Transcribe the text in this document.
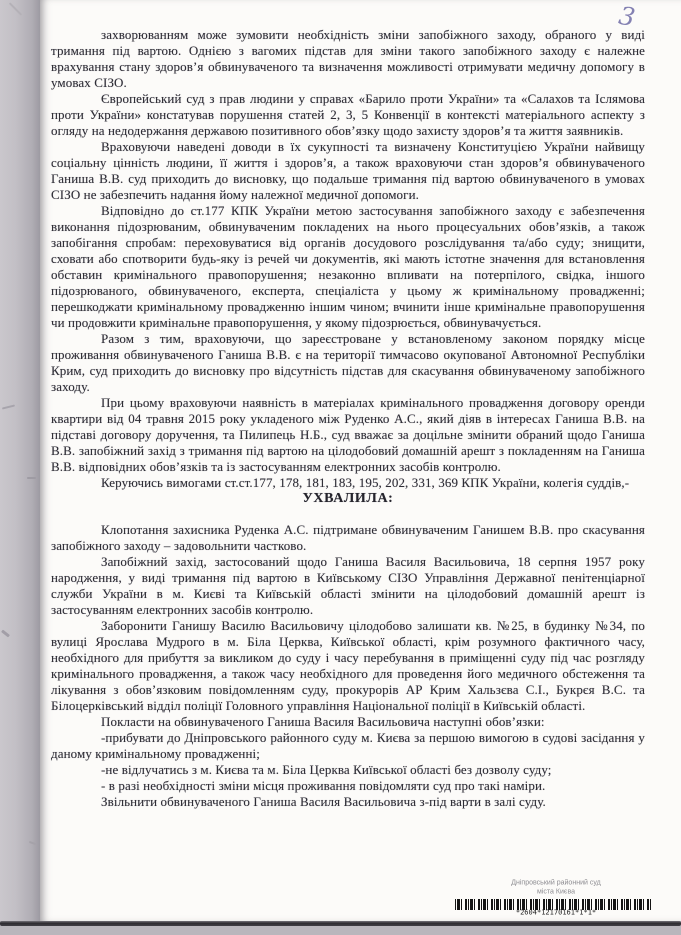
3

захворюванням може зумовити необхідність зміни запобіжного заходу, обраного у виді тримання під вартою. Однією з вагомих підстав для зміни такого запобіжного заходу є належне врахування стану здоров’я обвинуваченого та визначення можливості отримувати медичну допомогу в умовах СІЗО.

Європейський суд з прав людини у справах «Барило проти України» та «Салахов та Іслямова проти України» констатував порушення статей 2, 3, 5 Конвенції в контексті матеріального аспекту з огляду на недодержання державою позитивного обов’язку щодо захисту здоров’я та життя заявників.

Враховуючи наведені доводи в їх сукупності та визначену Конституцією України найвищу соціальну цінність людини, її життя і здоров’я, а також враховуючи стан здоров’я обвинуваченого Ганиша В.В. суд приходить до висновку, що подальше тримання під вартою обвинуваченого в умовах СІЗО не забезпечить надання йому належної медичної допомоги.

Відповідно до ст.177 КПК України метою застосування запобіжного заходу є забезпечення виконання підозрюваним, обвинуваченим покладених на нього процесуальних обов’язків, а також запобігання спробам: переховуватися від органів досудового розслідування та/або суду; знищити, сховати або спотворити будь-яку із речей чи документів, які мають істотне значення для встановлення обставин кримінального правопорушення; незаконно впливати на потерпілого, свідка, іншого підозрюваного, обвинуваченого, експерта, спеціаліста у цьому ж кримінальному провадженні; перешкоджати кримінальному провадженню іншим чином; вчинити інше кримінальне правопорушення чи продовжити кримінальне правопорушення, у якому підозрюється, обвинувачується.

Разом з тим, враховуючи, що зареєстроване у встановленому законом порядку місце проживання обвинуваченого Ганиша В.В. є на території тимчасово окупованої Автономної Республіки Крим, суд приходить до висновку про відсутність підстав для скасування обвинуваченому запобіжного заходу.

При цьому враховуючи наявність в матеріалах кримінального провадження договору оренди квартири від 04 травня 2015 року укладеного між Руденко А.С., який діяв в інтересах Ганиша В.В. на підставі договору доручення, та Пилипець Н.Б., суд вважає за доцільне змінити обраний щодо Ганиша В.В. запобіжний захід з тримання під вартою на цілодобовий домашній арешт з покладенням на Ганиша В.В. відповідних обов’язків та із застосуванням електронних засобів контролю.

Керуючись вимогами ст.ст.177, 178, 181, 183, 195, 202, 331, 369 КПК України, колегія суддів,-

УХВАЛИЛА:

Клопотання захисника Руденка А.С. підтримане обвинуваченим Ганишем В.В. про скасування запобіжного заходу – задовольнити частково.

Запобіжний захід, застосований щодо Ганиша Василя Васильовича, 18 серпня 1957 року народження, у виді тримання під вартою в Київському СІЗО Управління Державної пенітенціарної служби України в м. Києві та Київській області змінити на цілодобовий домашній арешт із застосуванням електронних засобів контролю.

Заборонити Ганишу Василю Васильовичу цілодобово залишати кв. №25, в будинку №34, по вулиці Ярослава Мудрого в м. Біла Церква, Київської області, крім розумного фактичного часу, необхідного для прибуття за викликом до суду і часу перебування в приміщенні суду під час розгляду кримінального провадження, а також часу необхідного для проведення його медичного обстеження та лікування з обов’язковим повідомленням суду, прокурорів АР Крим Хальзєва С.І., Букрєя В.С. та Білоцерківський відділ поліції Головного управління Національної поліції в Київській області.

Покласти на обвинуваченого Ганиша Василя Васильовича наступні обов’язки:

-прибувати до Дніпровського районного суду м. Києва за першою вимогою в судові засідання у даному кримінальному провадженні;

-не відлучатись з м. Києва та м. Біла Церква Київської області без дозволу суду;

- в разі необхідності зміни місця проживання повідомляти суд про такі наміри.

Звільнити обвинуваченого Ганиша Василя Васильовича з-під варти в залі суду.

Дніпровський районний суд
міста Києва
*2604*12170161*1*1*
